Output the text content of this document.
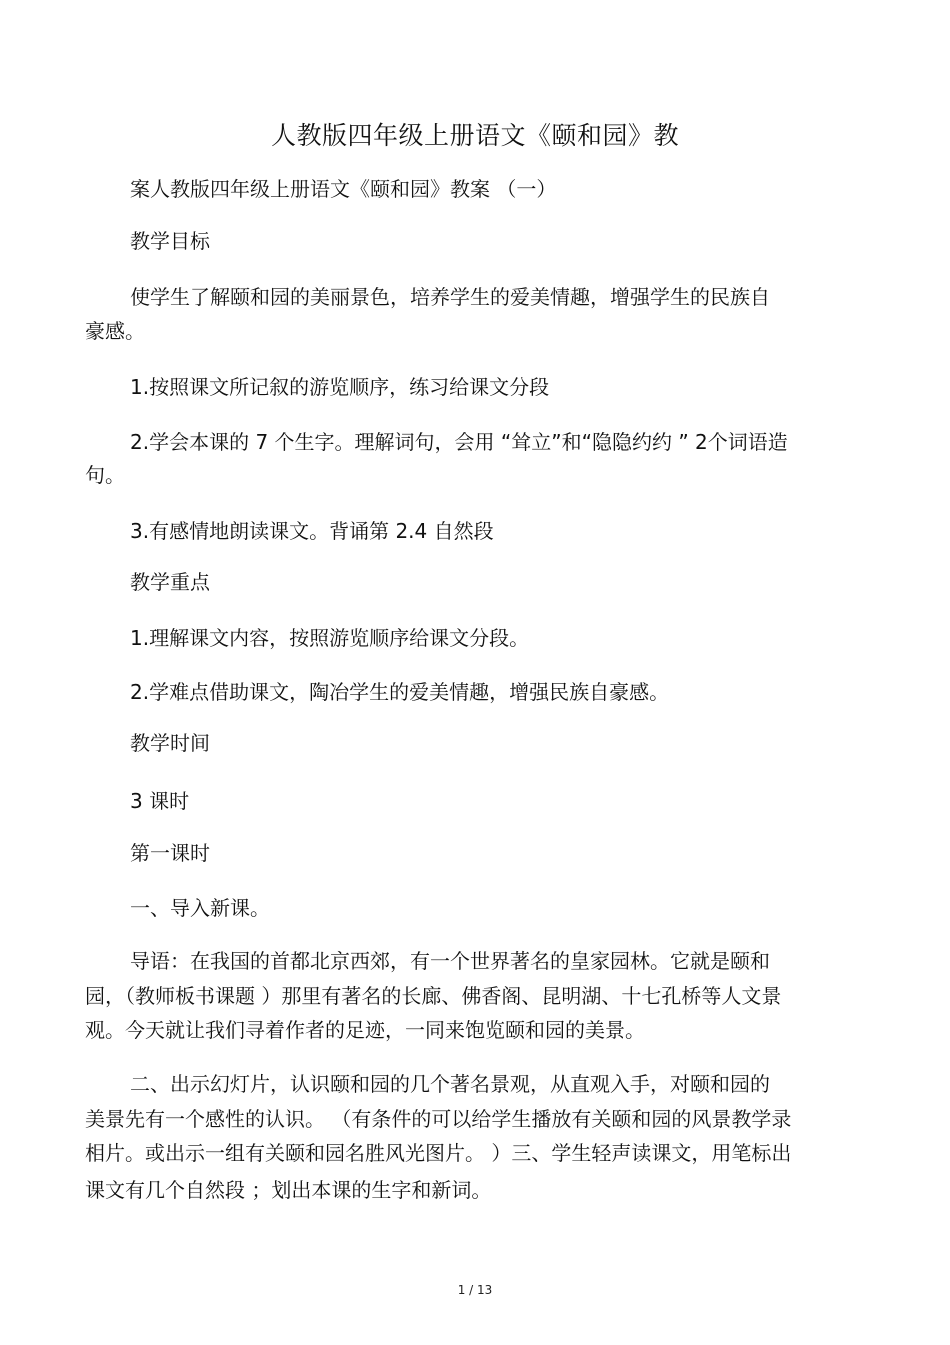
人教版四年级上册语文《颐和园》教
案人教版四年级上册语文《颐和园》教案 （一）
教学目标
使学生了解颐和园的美丽景色，培养学生的爱美情趣，增强学生的民族自
豪感。
1.按照课文所记叙的游览顺序，练习给课文分段
2.学会本课的 7 个生字。理解词句，会用 “耸立”和“隐隐约约 ” 2个词语造
句。
3.有感情地朗读课文。背诵第 2.4 自然段
教学重点
1.理解课文内容，按照游览顺序给课文分段。
2.学难点借助课文，陶冶学生的爱美情趣，增强民族自豪感。
教学时间
3 课时
第一课时
一、导入新课。
导语：在我国的首都北京西郊，有一个世界著名的皇家园林。它就是颐和
园，（教师板书课题 ）那里有著名的长廊、佛香阁、昆明湖、十七孔桥等人文景
观。今天就让我们寻着作者的足迹，一同来饱览颐和园的美景。
二、出示幻灯片，认识颐和园的几个著名景观，从直观入手，对颐和园的
美景先有一个感性的认识。 （有条件的可以给学生播放有关颐和园的风景教学录
相片。或出示一组有关颐和园名胜风光图片。 ）三、学生轻声读课文，用笔标出
课文有几个自然段 ；划出本课的生字和新词。
1 / 13
